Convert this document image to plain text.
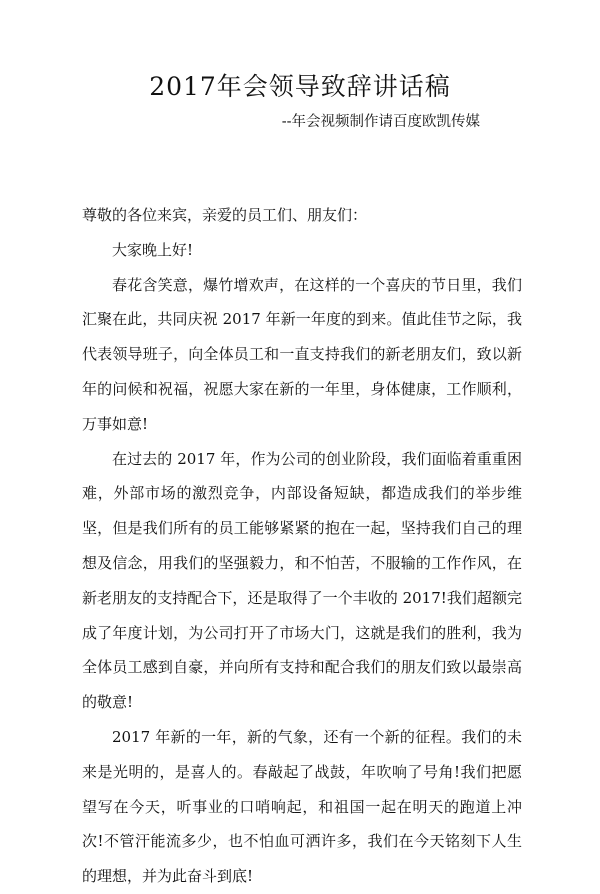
2017年会领导致辞讲话稿
--年会视频制作请百度欧凯传媒

尊敬的各位来宾，亲爱的员工们、朋友们：

大家晚上好!

春花含笑意，爆竹增欢声，在这样的一个喜庆的节日里，我们汇聚在此，共同庆祝 2017 年新一年度的到来。值此佳节之际，我代表领导班子，向全体员工和一直支持我们的新老朋友们，致以新年的问候和祝福，祝愿大家在新的一年里，身体健康，工作顺利，万事如意!

在过去的 2017 年，作为公司的创业阶段，我们面临着重重困难，外部市场的激烈竞争，内部设备短缺，都造成我们的举步维坚，但是我们所有的员工能够紧紧的抱在一起，坚持我们自己的理想及信念，用我们的坚强毅力，和不怕苦，不服输的工作作风，在新老朋友的支持配合下，还是取得了一个丰收的 2017!我们超额完成了年度计划，为公司打开了市场大门，这就是我们的胜利，我为全体员工感到自豪，并向所有支持和配合我们的朋友们致以最崇高的敬意!

2017 年新的一年，新的气象，还有一个新的征程。我们的未来是光明的，是喜人的。春敲起了战鼓，年吹响了号角!我们把愿望写在今天，听事业的口哨响起，和祖国一起在明天的跑道上冲次!不管汗能流多少，也不怕血可洒许多，我们在今天铭刻下人生的理想，并为此奋斗到底!
